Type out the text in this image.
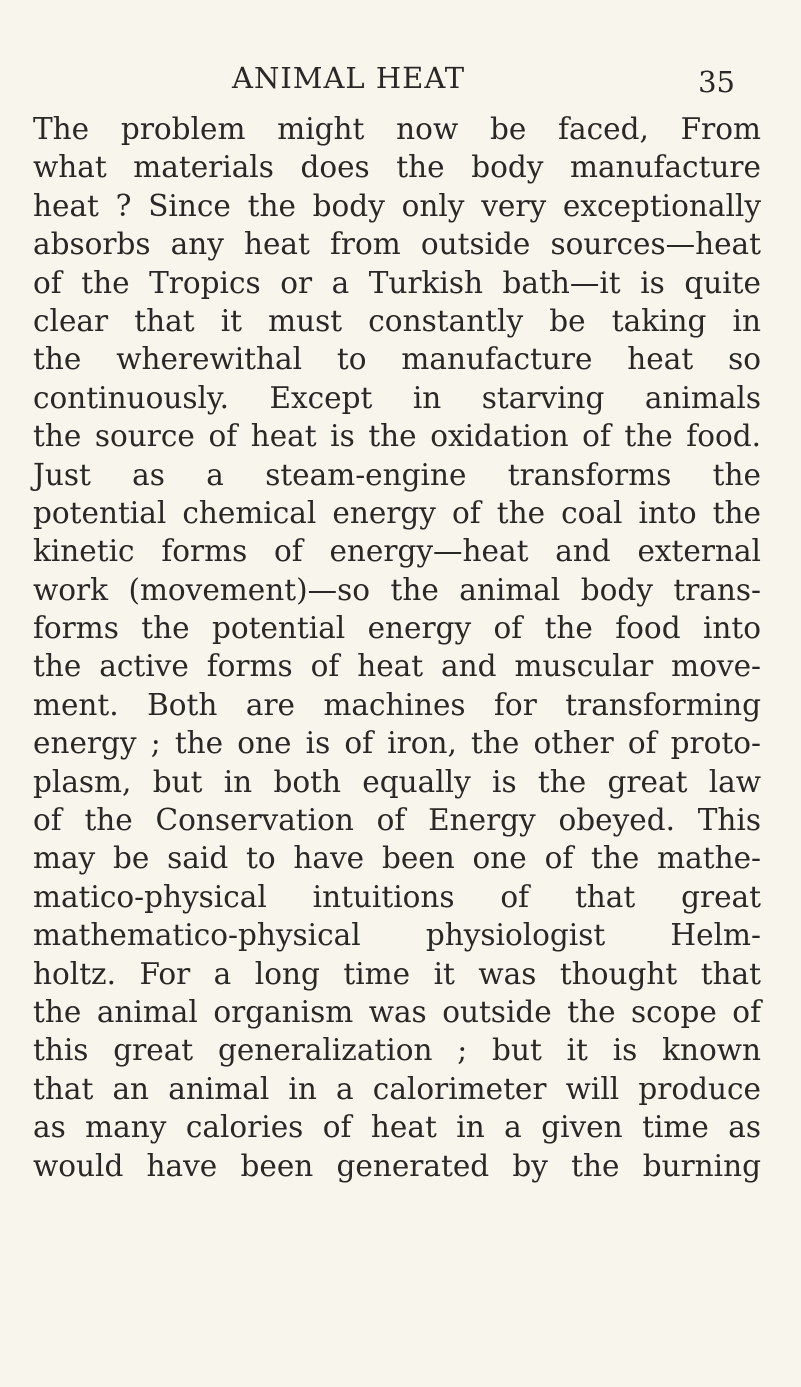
ANIMAL HEAT	35
The problem might now be faced, From
what materials does the body manufacture
heat ? Since the body only very exceptionally
absorbs any heat from outside sources—heat
of the Tropics or a Turkish bath—it is quite
clear that it must constantly be taking in
the wherewithal to manufacture heat so
continuously. Except in starving animals
the source of heat is the oxidation of the food.
Just as a steam-engine transforms the
potential chemical energy of the coal into the
kinetic forms of energy—heat and external
work (movement)—so the animal body trans-
forms the potential energy of the food into
the active forms of heat and muscular move-
ment. Both are machines for transforming
energy ; the one is of iron, the other of proto-
plasm, but in both equally is the great law
of the Conservation of Energy obeyed. This
may be said to have been one of the mathe-
matico-physical intuitions of that great
mathematico-physical physiologist Helm-
holtz. For a long time it was thought that
the animal organism was outside the scope of
this great generalization ; but it is known
that an animal in a calorimeter will produce
as many calories of heat in a given time as
would have been generated by the burning
